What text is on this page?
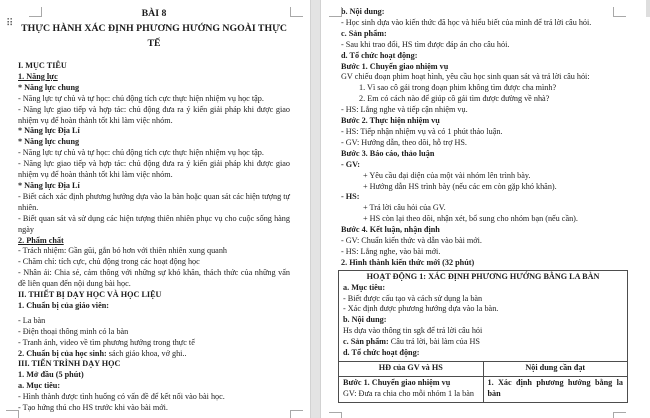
BÀI 8

THỰC HÀNH XÁC ĐỊNH PHƯƠNG HƯỚNG NGOÀI THỰC TẾ

I. MỤC TIÊU

1. Năng lực

* Năng lực chung

- Năng lực tự chủ và tự học: chủ động tích cực thực hiện nhiệm vụ học tập.

- Năng lực giao tiếp và hợp tác: chủ động đưa ra ý kiến giải pháp khi được giao nhiệm vụ để hoàn thành tốt khi làm việc nhóm.

* Năng lực Địa Lí

* Năng lực chung

- Năng lực tự chủ và tự học: chủ động tích cực thực hiện nhiệm vụ học tập.

- Năng lực giao tiếp và hợp tác: chủ động đưa ra ý kiến giải pháp khi được giao nhiệm vụ để hoàn thành tốt khi làm việc nhóm.

* Năng lực Địa Lí

- Biết cách xác định phương hướng dựa vào la bàn hoặc quan sát các hiện tượng tự nhiên.

- Biết quan sát và sử dụng các hiện tượng thiên nhiên phục vụ cho cuộc sống hàng ngày

2. Phẩm chất

- Trách nhiệm: Gần gũi, gắn bó hơn với thiên nhiên xung quanh

- Chăm chỉ: tích cực, chủ động trong các hoạt động học

- Nhân ái: Chia sẻ, cảm thông với những sự khó khăn, thách thức của những vấn đề liên quan đến nội dung bài học.

II. THIẾT BỊ DẠY HỌC VÀ HỌC LIỆU

1. Chuẩn bị của giáo viên:

- La bàn

- Điện thoại thông minh có la bàn

- Tranh ảnh, video về tìm phương hướng trong thực tế

2. Chuẩn bị của học sinh: sách giáo khoa, vở ghi..

III. TIẾN TRÌNH DẠY HỌC

1. Mở đầu (5 phút)

a. Mục tiêu:

- Hình thành được tình huống có vấn đề để kết nối vào bài học.

- Tạo hứng thú cho HS trước khi vào bài mới.

b. Nội dung:

- Học sinh dựa vào kiến thức đã học và hiểu biết của mình để trả lời câu hỏi.

c. Sản phẩm:

- Sau khi trao đổi, HS tìm được đáp án cho câu hỏi.

d. Tổ chức hoạt động:

Bước 1. Chuyển giao nhiệm vụ

GV chiếu đoạn phim hoạt hình, yêu cầu học sinh quan sát và trả lời câu hỏi:

1. Vì sao cô gái trong đoạn phim không tìm được cha mình?

2. Em có cách nào để giúp cô gái tìm được đường về nhà?

- HS: Lắng nghe và tiếp cận nhiệm vụ.

Bước 2. Thực hiện nhiệm vụ

- HS: Tiếp nhận nhiệm vụ và có 1 phút thảo luận.

- GV: Hướng dẫn, theo dõi, hỗ trợ HS.

Bước 3. Báo cáo, thảo luận

- GV:

+ Yêu cầu đại diện của một vài nhóm lên trình bày.

+ Hướng dẫn HS trình bày (nếu các em còn gặp khó khăn).

- HS:

+ Trả lời câu hỏi của GV.

+ HS còn lại theo dõi, nhận xét, bổ sung cho nhóm bạn (nếu cần).

Bước 4. Kết luận, nhận định

- GV: Chuẩn kiến thức và dẫn vào bài mới.

- HS: Lắng nghe, vào bài mới.

2. Hình thành kiến thức mới (32 phút)

HOẠT ĐỘNG 1: XÁC ĐỊNH PHƯƠNG HƯỚNG BẰNG LA BÀN

a. Mục tiêu:

- Biết được cấu tạo và cách sử dụng la bàn

- Xác định được phương hướng dựa vào la bàn.

b. Nội dung:

Hs dựa vào thông tin sgk để trả lời câu hỏi

c. Sản phẩm: Câu trả lời, bài làm của HS

d. Tổ chức hoạt động:

HĐ của GV và HS	Nội dung cần đạt

Bước 1. Chuyển giao nhiệm vụ

GV: Đưa ra chia cho mỗi nhóm 1 la bàn	1. Xác định phương hướng bằng la bàn

⠿
